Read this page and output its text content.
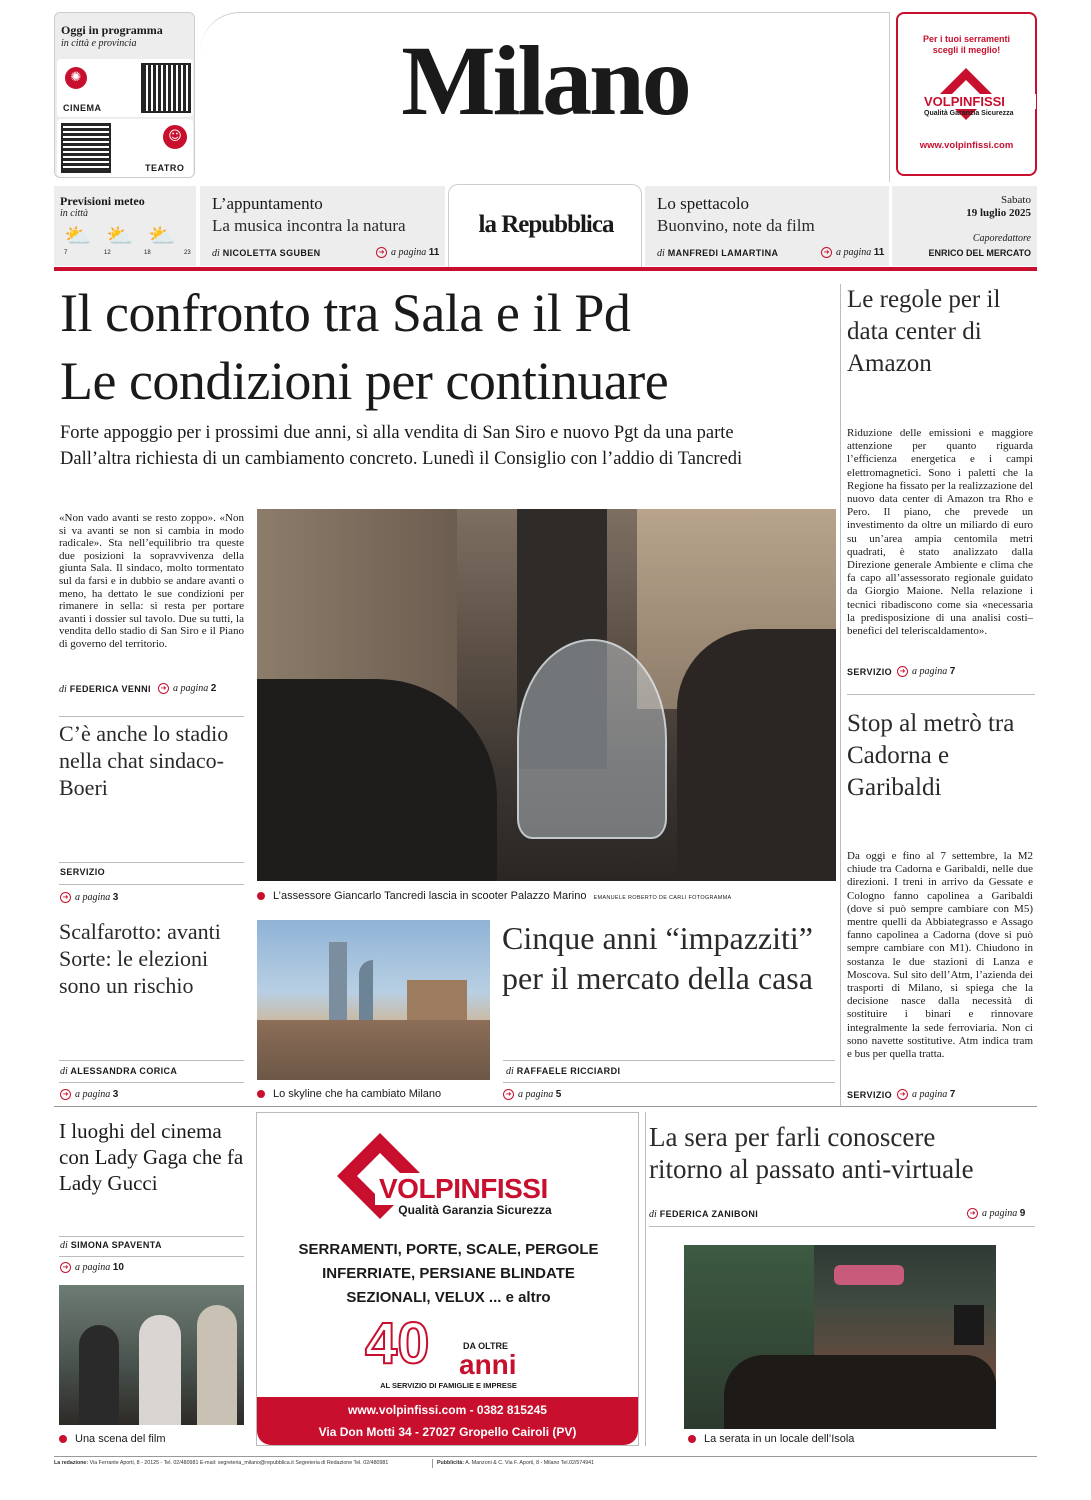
Oggi in programma
in città e provincia
✺
CINEMA
☺
TEATRO
Milano	Per i tuoi serramenti
scegli il meglio!
VOLPINFISSI
Qualità Garanzia Sicurezza
www.volpinfissi.com
Previsioni meteo
in città
⛅ ⛅ ⛅
7	12	18	23
L’appuntamento
La musica incontra la natura
di NICOLETTA SGUBEN	➜ a pagina 11
la Repubblica
Lo spettacolo
Buonvino, note da film
di MANFREDI LAMARTINA	➜ a pagina 11
Sabato
19 luglio 2025
Caporedattore
ENRICO DEL MERCATO
Il confronto tra Sala e il Pd
Le condizioni per continuare
Forte appoggio per i prossimi due anni, sì alla vendita di San Siro e nuovo Pgt da una parte
Dall’altra richiesta di un cambiamento concreto. Lunedì il Consiglio con l’addio di Tancredi
«Non vado avanti se resto zoppo». «Non si va avanti se non si cambia in modo radicale». Sta nell’equilibrio tra queste due posizioni la sopravvivenza della giunta Sala. Il sindaco, molto tormentato sul da farsi e in dubbio se andare avanti o meno, ha dettato le sue condizioni per rimanere in sella: si resta per portare avanti i dossier sul tavolo. Due su tutti, la vendita dello stadio di San Siro e il Piano di governo del territorio.
di FEDERICA VENNI	➜ a pagina 2
L’assessore Giancarlo Tancredi lascia in scooter Palazzo Marino EMANUELE ROBERTO DE CARLI FOTOGRAMMA
Le regole per il data center di Amazon
Riduzione delle emissioni e maggiore attenzione per quanto riguarda l’efficienza energetica e i campi elettromagnetici. Sono i paletti che la Regione ha fissato per la realizzazione del nuovo data center di Amazon tra Rho e Pero. Il piano, che prevede un investimento da oltre un miliardo di euro su un’area ampia centomila metri quadrati, è stato analizzato dalla Direzione generale Ambiente e clima che fa capo all’assessorato regionale guidato da Giorgio Maione. Nella relazione i tecnici ribadiscono come sia «necessaria la predisposizione di una analisi costi–benefici del teleriscaldamento».
SERVIZIO	➜ a pagina 7
Stop al metrò tra Cadorna e Garibaldi
Da oggi e fino al 7 settembre, la M2 chiude tra Cadorna e Garibaldi, nelle due direzioni. I treni in arrivo da Gessate e Cologno fanno capolinea a Garibaldi (dove si può sempre cambiare con M5) mentre quelli da Abbiategrasso e Assago fanno capolinea a Cadorna (dove si può sempre cambiare con M1). Chiudono in sostanza le due stazioni di Lanza e Moscova. Sul sito dell’Atm, l’azienda dei trasporti di Milano, si spiega che la decisione nasce dalla necessità di sostituire i binari e rinnovare integralmente la sede ferroviaria. Non ci sono navette sostitutive. Atm indica tram e bus per quella tratta.
SERVIZIO	➜ a pagina 7
C’è anche lo stadio nella chat sindaco-Boeri
SERVIZIO
➜ a pagina 3
Scalfarotto: avanti Sorte: le elezioni sono un rischio
di ALESSANDRA CORICA
➜ a pagina 3	Lo skyline che ha cambiato Milano
Cinque anni “impazziti”
per il mercato della casa
di RAFFAELE RICCIARDI
➜ a pagina 5
I luoghi del cinema con Lady Gaga che fa Lady Gucci
di SIMONA SPAVENTA
➜ a pagina 10
Una scena del film
VOLPINFISSI
Qualità Garanzia Sicurezza
SERRAMENTI, PORTE, SCALE, PERGOLE
INFERRIATE, PERSIANE BLINDATE
SEZIONALI, VELUX ... e altro
40	DA OLTRE
anni
AL SERVIZIO DI FAMIGLIE E IMPRESE
www.volpinfissi.com - 0382 815245
Via Don Motti 34 - 27027 Gropello Cairoli (PV)
La sera per farli conoscere
ritorno al passato anti-virtuale
di FEDERICA ZANIBONI	➜ a pagina 9
La serata in un locale dell’Isola
La redazione: Via Ferrante Aporti, 8 - 20125 - Tel. 02/480981 E-mail: segreteria_milano@repubblica.it Segreteria di Redazione Tel. 02/480981	Pubblicità: A. Manzoni & C. Via F. Aporti, 8 - Milano Tel.02/574941
